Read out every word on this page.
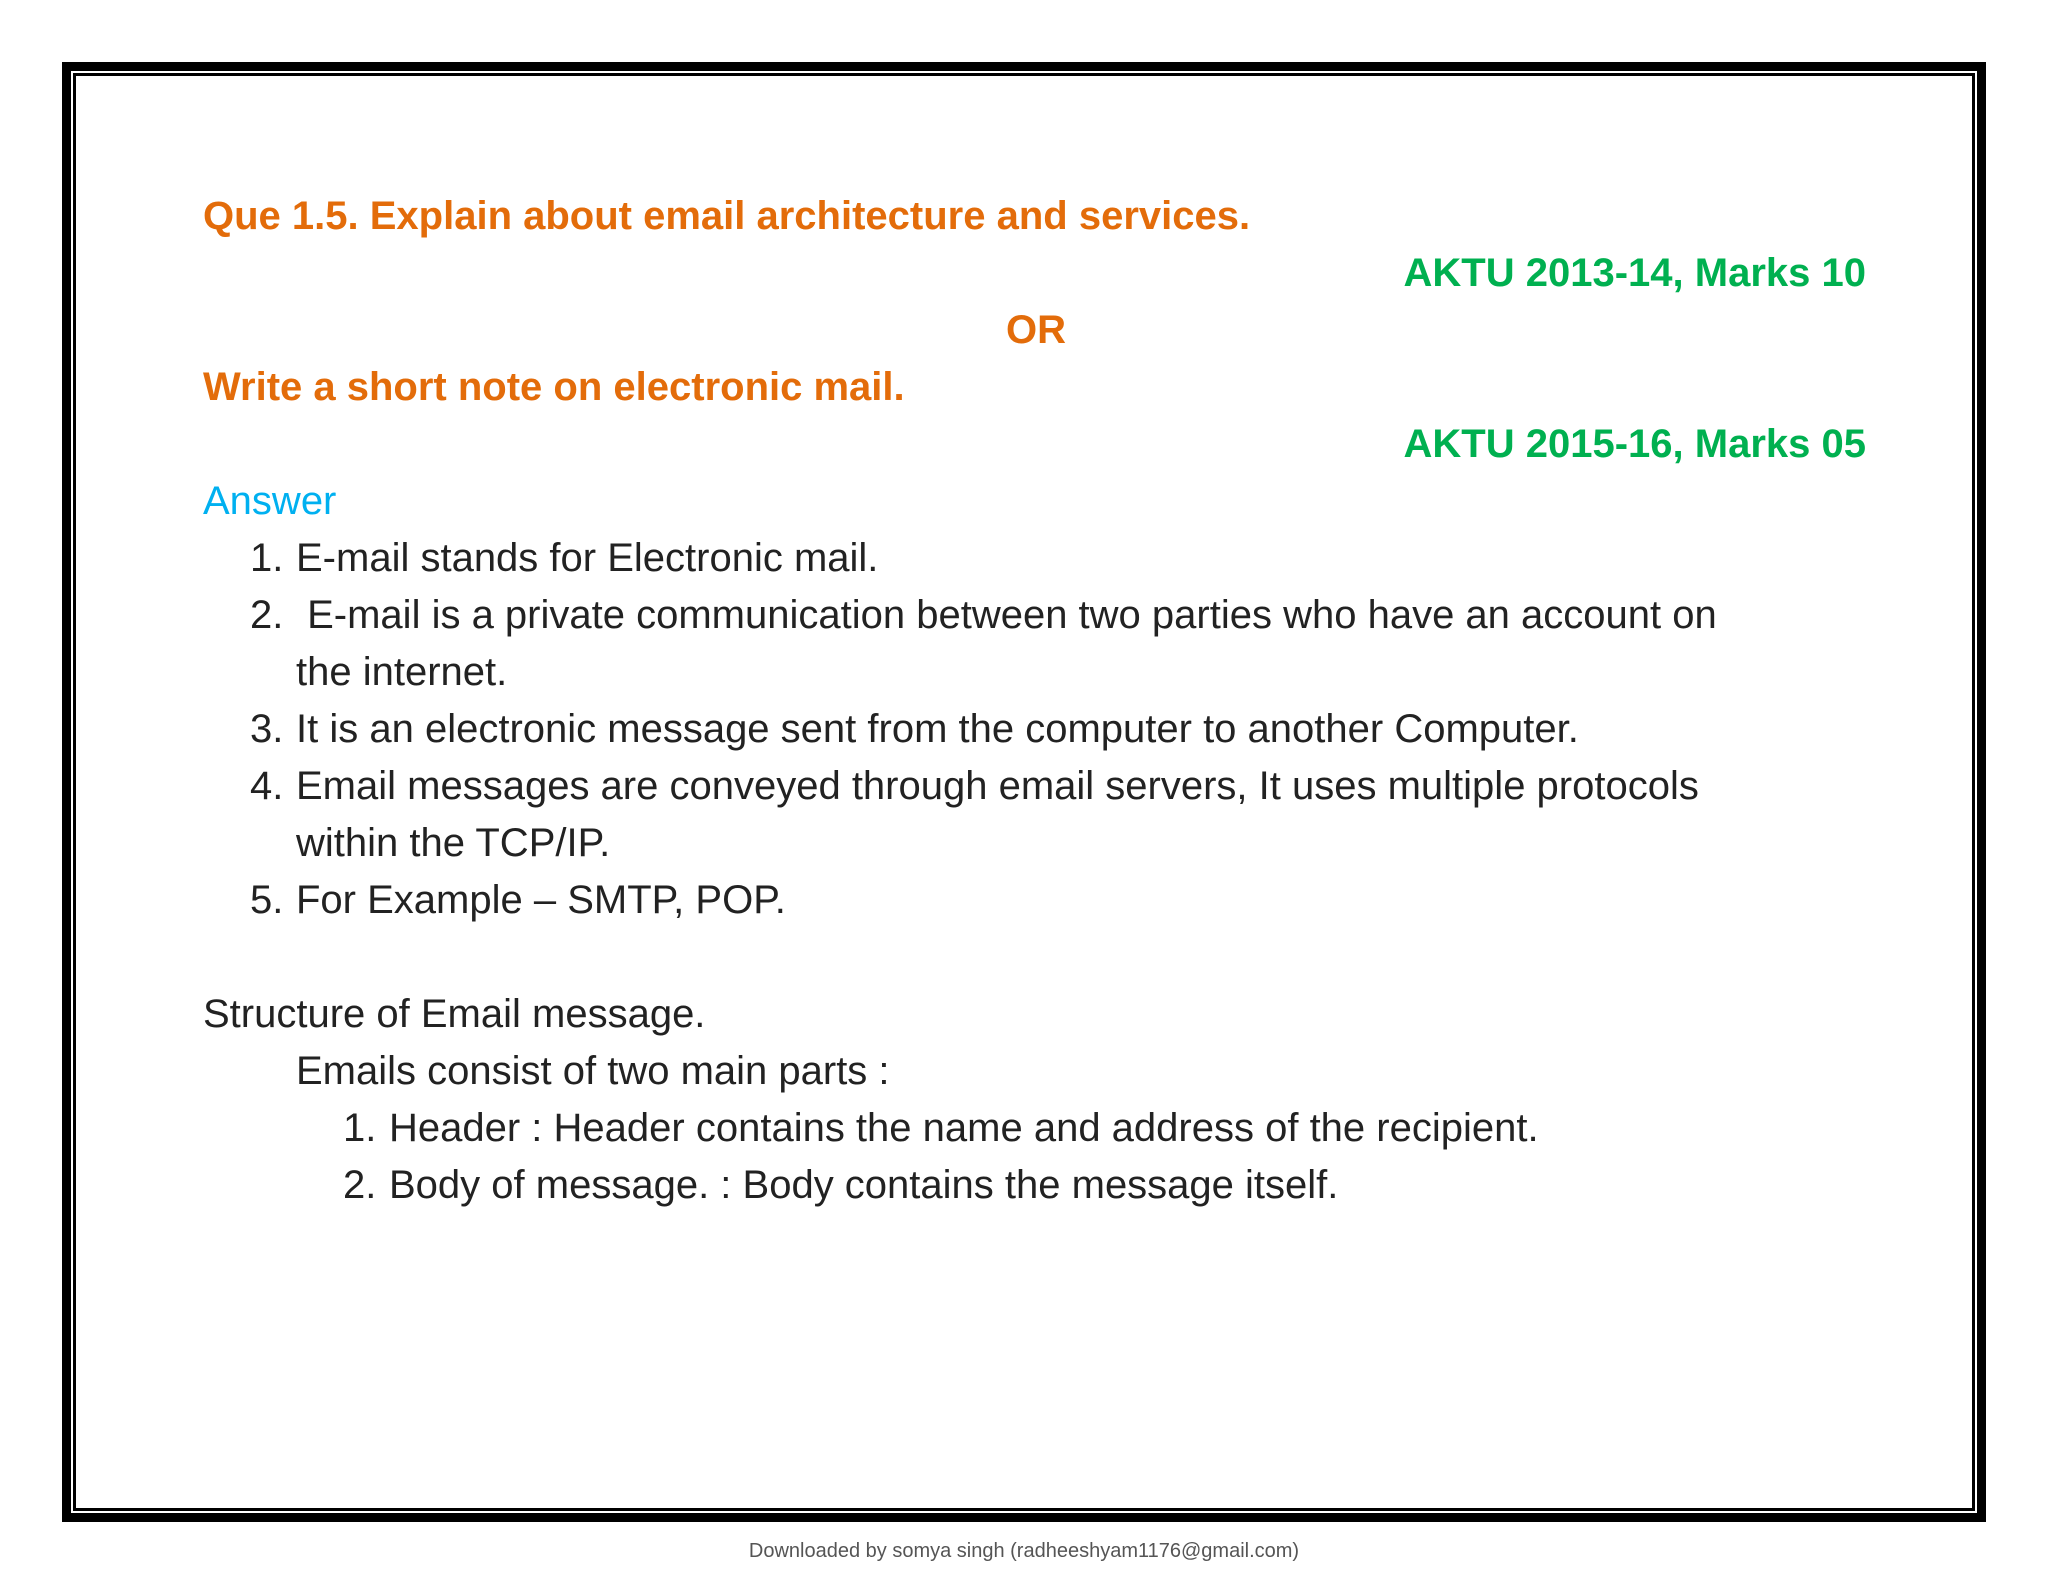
Que 1.5. Explain about email architecture and services.
AKTU 2013-14, Marks 10
OR
Write a short note on electronic mail.
AKTU 2015-16, Marks 05
Answer
1. E-mail stands for Electronic mail.
2. E-mail is a private communication between two parties who have an account on
the internet.
3. It is an electronic message sent from the computer to another Computer.
4. Email messages are conveyed through email servers, It uses multiple protocols
within the TCP/IP.
5. For Example – SMTP, POP.
Structure of Email message.
Emails consist of two main parts :
1. Header : Header contains the name and address of the recipient.
2. Body of message. : Body contains the message itself.
Downloaded by somya singh (radheeshyam1176@gmail.com)
